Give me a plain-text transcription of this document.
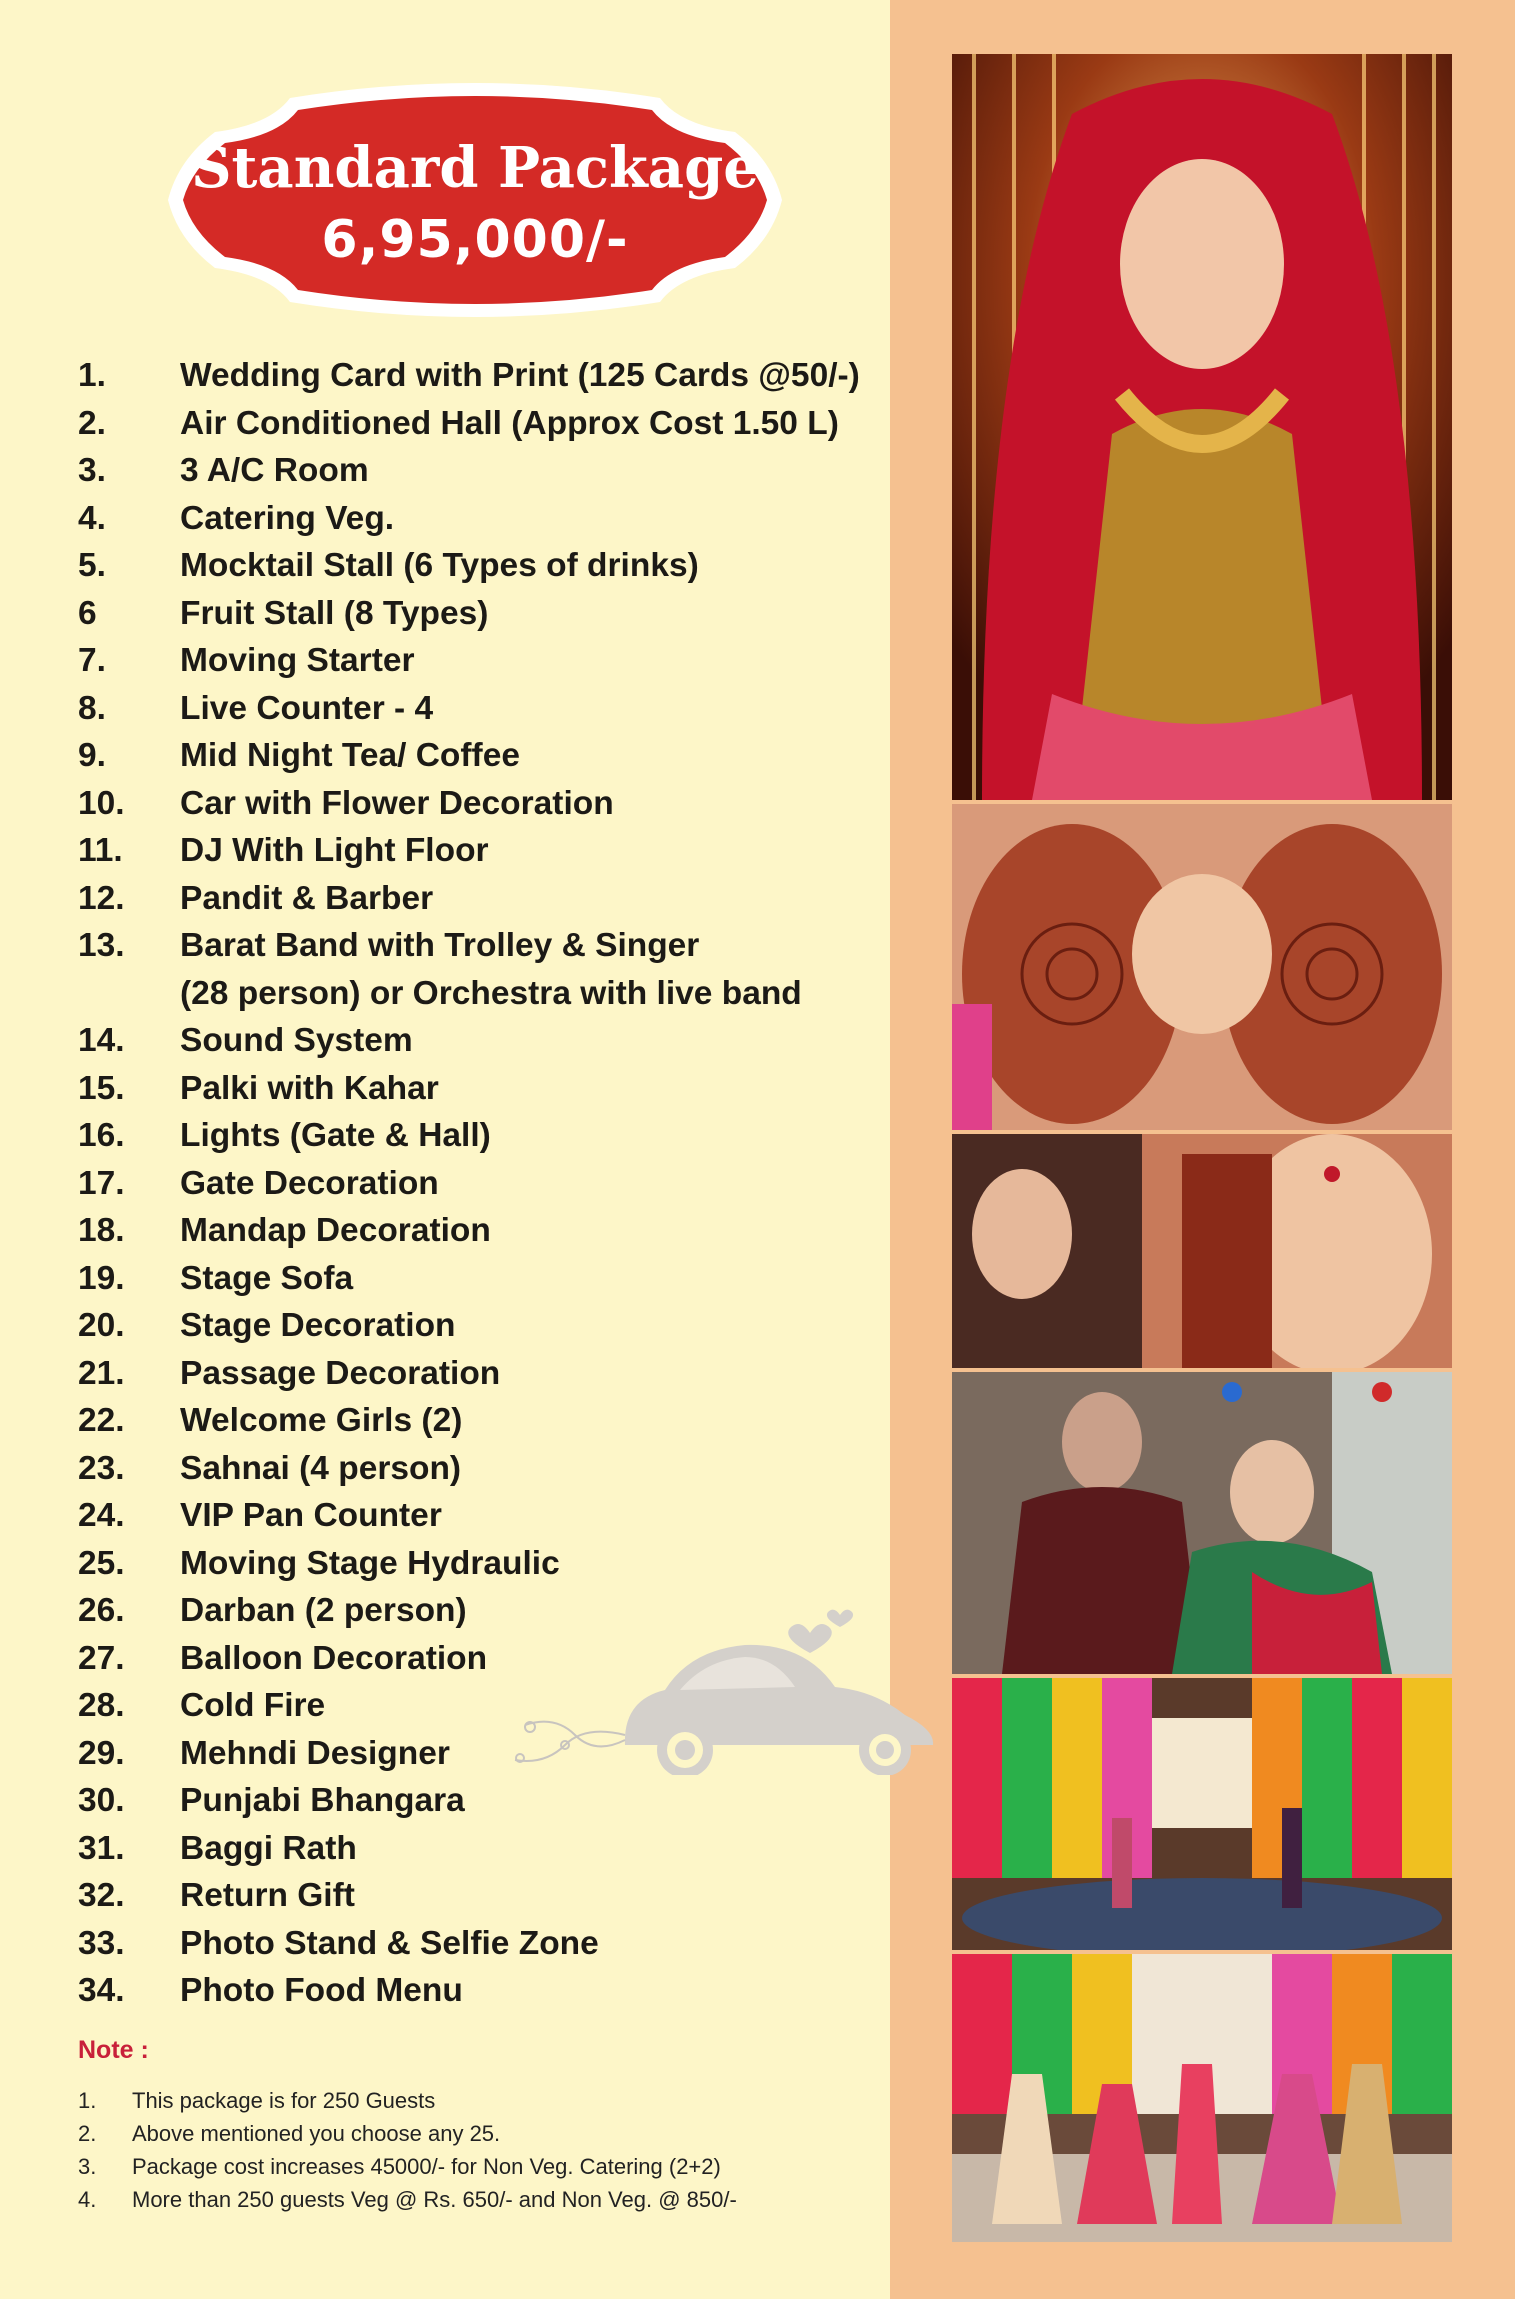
Standard Package
6,95,000/-
1.	Wedding Card with Print (125 Cards @50/-)
2.	Air Conditioned Hall (Approx Cost 1.50 L)
3.	3 A/C Room
4.	Catering Veg.
5.	Mocktail Stall (6 Types of drinks)
6	Fruit Stall (8 Types)
7.	Moving Starter
8.	Live Counter - 4
9.	Mid Night Tea/ Coffee
10.	Car with Flower Decoration
11.	DJ With Light Floor
12.	Pandit & Barber
13.	Barat Band with Trolley & Singer
(28 person) or Orchestra with live band
14.	Sound System
15.	Palki with Kahar
16.	Lights (Gate & Hall)
17.	Gate Decoration
18.	Mandap Decoration
19.	Stage Sofa
20.	Stage Decoration
21.	Passage Decoration
22.	Welcome Girls (2)
23.	Sahnai (4 person)
24.	VIP Pan Counter
25.	Moving Stage Hydraulic
26.	Darban (2 person)
27.	Balloon Decoration
28.	Cold Fire
29.	Mehndi Designer
30.	Punjabi Bhangara
31.	Baggi Rath
32.	Return Gift
33.	Photo Stand & Selfie Zone
34.	Photo Food Menu
Note :
1.	This package is for 250 Guests
2.	Above mentioned you choose any 25.
3.	Package cost increases 45000/- for Non Veg. Catering (2+2)
4.	More than 250 guests Veg @ Rs. 650/- and Non Veg. @ 850/-
